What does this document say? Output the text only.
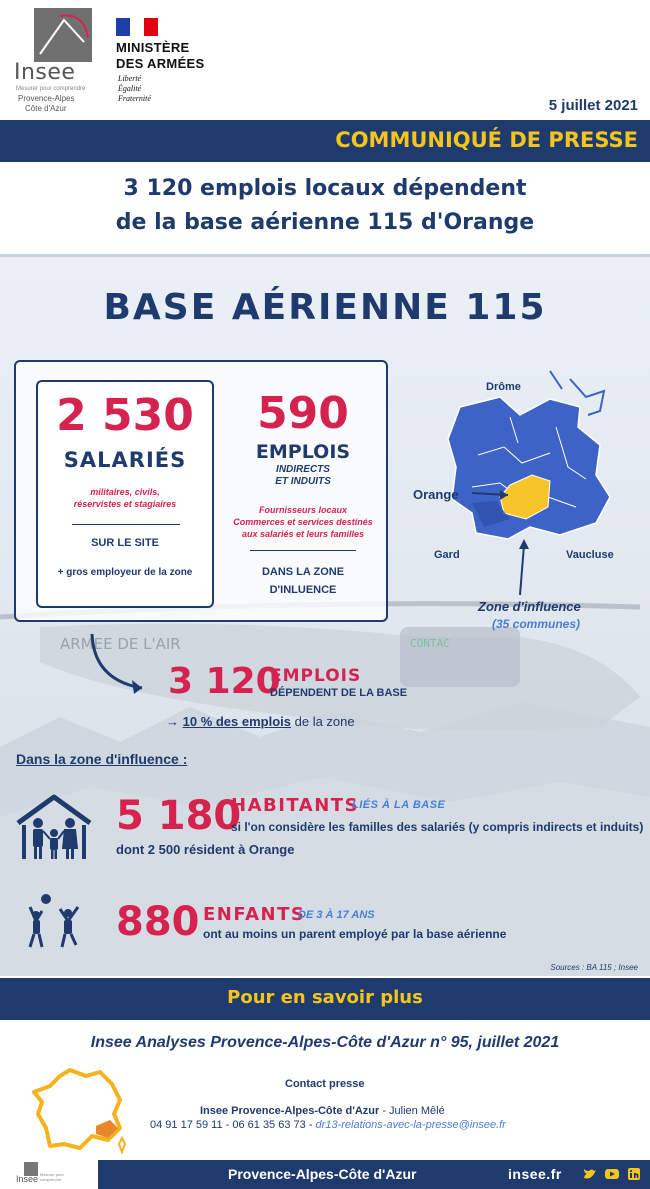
Insee
Mesurer pour comprendre
Provence-Alpes
Côte d'Azur
MINISTÈRE
DES ARMÉES
Liberté
Égalité
Fraternité	5 juillet 2021
COMMUNIQUÉ DE PRESSE
3 120 emplois locaux dépendent
de la base aérienne 115 d'Orange
ARMEE DE L'AIR	CONTAC
BASE AÉRIENNE 115
2 530
SALARIÉS
militaires, civils,
réservistes et stagiaires
SUR LE SITE
+ gros employeur de la zone
590
EMPLOIS
INDIRECTS
ET INDUITS
Fournisseurs locaux
Commerces et services destinés
aux salariés et leurs familles
DANS LA ZONE
D'INLUENCE
Drôme
Orange
Gard	Vaucluse
Zone d'influence
(35 communes)
3 120
EMPLOIS
DÉPENDENT DE LA BASE
→ 10 % des emplois de la zone
Dans la zone d'influence :
5 180
HABITANTS
LIÉS À LA BASE
si l'on considère les familles des salariés (y compris indirects et induits)
dont 2 500 résident à Orange
880 ENFANTS
DE 3 À 17 ANS
ont au moins un parent employé par la base aérienne
Sources : BA 115 ; Insee
Pour en savoir plus
Insee Analyses Provence-Alpes-Côte d'Azur n° 95, juillet 2021
Contact presse
Insee Provence-Alpes-Côte d'Azur - Julien Mêlé
04 91 17 59 11 - 06 61 35 63 73 - dr13-relations-avec-la-presse@insee.fr
Insee Mesurer pour comprendre	Provence-Alpes-Côte d'Azur	insee.fr
